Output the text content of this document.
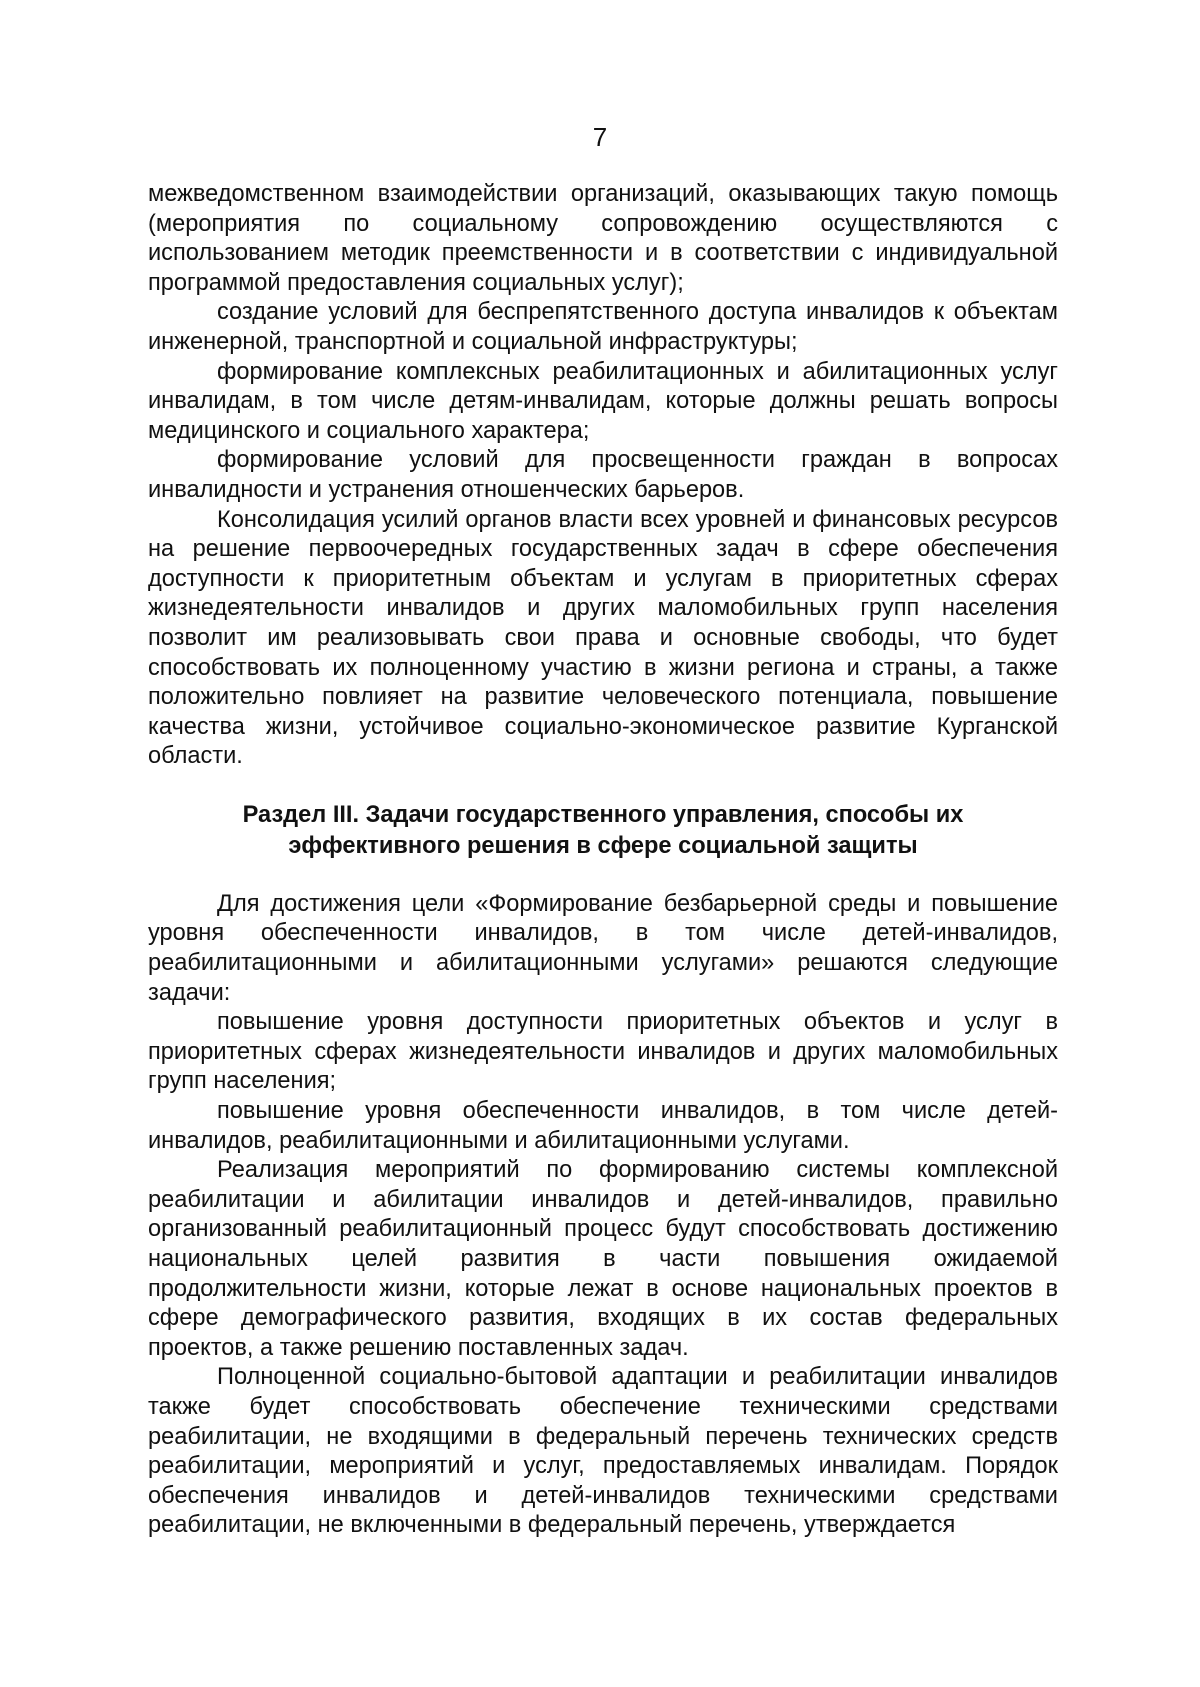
7

межведомственном взаимодействии организаций, оказывающих такую помощь (мероприятия по социальному сопровождению осуществляются с использованием методик преемственности и в соответствии с индивидуальной программой предоставления социальных услуг);

создание условий для беспрепятственного доступа инвалидов к объектам инженерной, транспортной и социальной инфраструктуры;

формирование комплексных реабилитационных и абилитационных услуг инвалидам, в том числе детям-инвалидам, которые должны решать вопросы медицинского и социального характера;

формирование условий для просвещенности граждан в вопросах инвалидности и устранения отношенческих барьеров.

Консолидация усилий органов власти всех уровней и финансовых ресурсов на решение первоочередных государственных задач в сфере обеспечения доступности к приоритетным объектам и услугам в приоритетных сферах жизнедеятельности инвалидов и других маломобильных групп населения позволит им реализовывать свои права и основные свободы, что будет способствовать их полноценному участию в жизни региона и страны, а также положительно повлияет на развитие человеческого потенциала, повышение качества жизни, устойчивое социально-экономическое развитие Курганской области.

Раздел III. Задачи государственного управления, способы их
эффективного решения в сфере социальной защиты

Для достижения цели «Формирование безбарьерной среды и повышение уровня обеспеченности инвалидов, в том числе детей-инвалидов, реабилитационными и абилитационными услугами» решаются следующие задачи:

повышение уровня доступности приоритетных объектов и услуг в приоритетных сферах жизнедеятельности инвалидов и других маломобильных групп населения;

повышение уровня обеспеченности инвалидов, в том числе детей-инвалидов, реабилитационными и абилитационными услугами.

Реализация мероприятий по формированию системы комплексной реабилитации и абилитации инвалидов и детей-инвалидов, правильно организованный реабилитационный процесс будут способствовать достижению национальных целей развития в части повышения ожидаемой продолжительности жизни, которые лежат в основе национальных проектов в сфере демографического развития, входящих в их состав федеральных проектов, а также решению поставленных задач.

Полноценной социально-бытовой адаптации и реабилитации инвалидов также будет способствовать обеспечение техническими средствами реабилитации, не входящими в федеральный перечень технических средств реабилитации, мероприятий и услуг, предоставляемых инвалидам. Порядок обеспечения инвалидов и детей-инвалидов техническими средствами реабилитации, не включенными в федеральный перечень, утверждается
